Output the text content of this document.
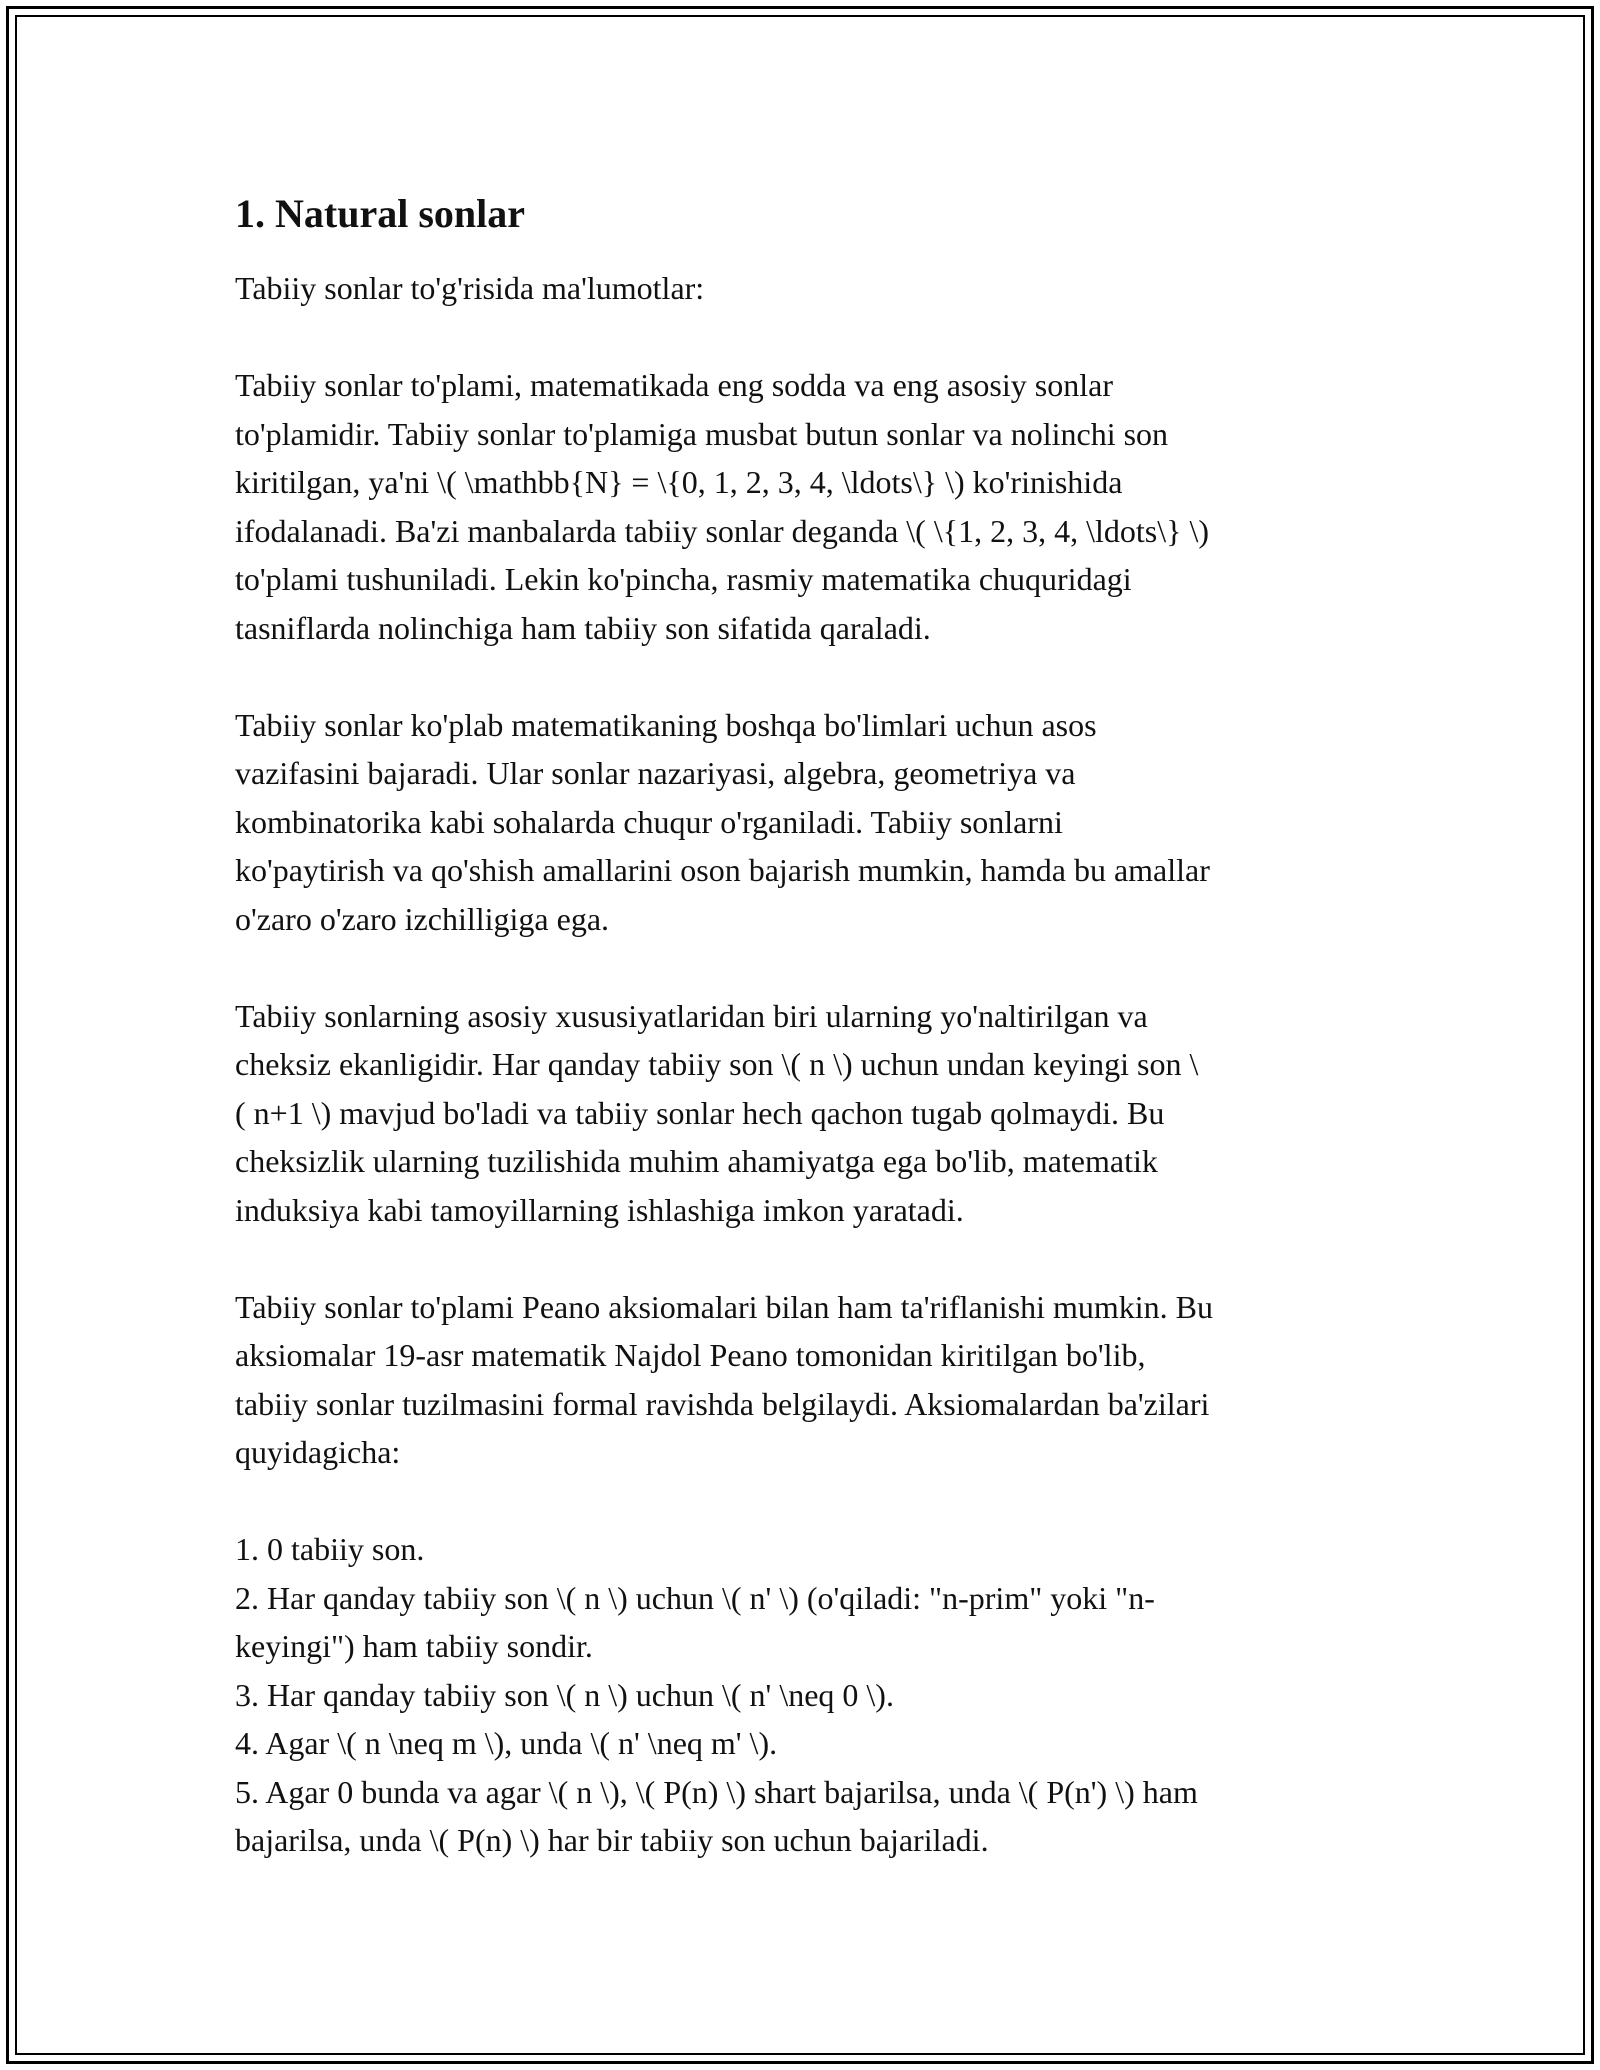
1. Natural sonlar

Tabiiy sonlar to'g'risida ma'lumotlar:

Tabiiy sonlar to'plami, matematikada eng sodda va eng asosiy sonlar
to'plamidir. Tabiiy sonlar to'plamiga musbat butun sonlar va nolinchi son
kiritilgan, ya'ni \( \mathbb{N} = \{0, 1, 2, 3, 4, \ldots\} \) ko'rinishida
ifodalanadi. Ba'zi manbalarda tabiiy sonlar deganda \( \{1, 2, 3, 4, \ldots\} \)
to'plami tushuniladi. Lekin ko'pincha, rasmiy matematika chuquridagi
tasniflarda nolinchiga ham tabiiy son sifatida qaraladi.

Tabiiy sonlar ko'plab matematikaning boshqa bo'limlari uchun asos
vazifasini bajaradi. Ular sonlar nazariyasi, algebra, geometriya va
kombinatorika kabi sohalarda chuqur o'rganiladi. Tabiiy sonlarni
ko'paytirish va qo'shish amallarini oson bajarish mumkin, hamda bu amallar
o'zaro o'zaro izchilligiga ega.

Tabiiy sonlarning asosiy xususiyatlaridan biri ularning yo'naltirilgan va
cheksiz ekanligidir. Har qanday tabiiy son \( n \) uchun undan keyingi son \
( n+1 \) mavjud bo'ladi va tabiiy sonlar hech qachon tugab qolmaydi. Bu
cheksizlik ularning tuzilishida muhim ahamiyatga ega bo'lib, matematik
induksiya kabi tamoyillarning ishlashiga imkon yaratadi.

Tabiiy sonlar to'plami Peano aksiomalari bilan ham ta'riflanishi mumkin. Bu
aksiomalar 19-asr matematik Najdol Peano tomonidan kiritilgan bo'lib,
tabiiy sonlar tuzilmasini formal ravishda belgilaydi. Aksiomalardan ba'zilari
quyidagicha:

1. 0 tabiiy son.
2. Har qanday tabiiy son \( n \) uchun \( n' \) (o'qiladi: "n-prim" yoki "n-
keyingi") ham tabiiy sondir.
3. Har qanday tabiiy son \( n \) uchun \( n' \neq 0 \).
4. Agar \( n \neq m \), unda \( n' \neq m' \).
5. Agar 0 bunda va agar \( n \), \( P(n) \) shart bajarilsa, unda \( P(n') \) ham
bajarilsa, unda \( P(n) \) har bir tabiiy son uchun bajariladi.
